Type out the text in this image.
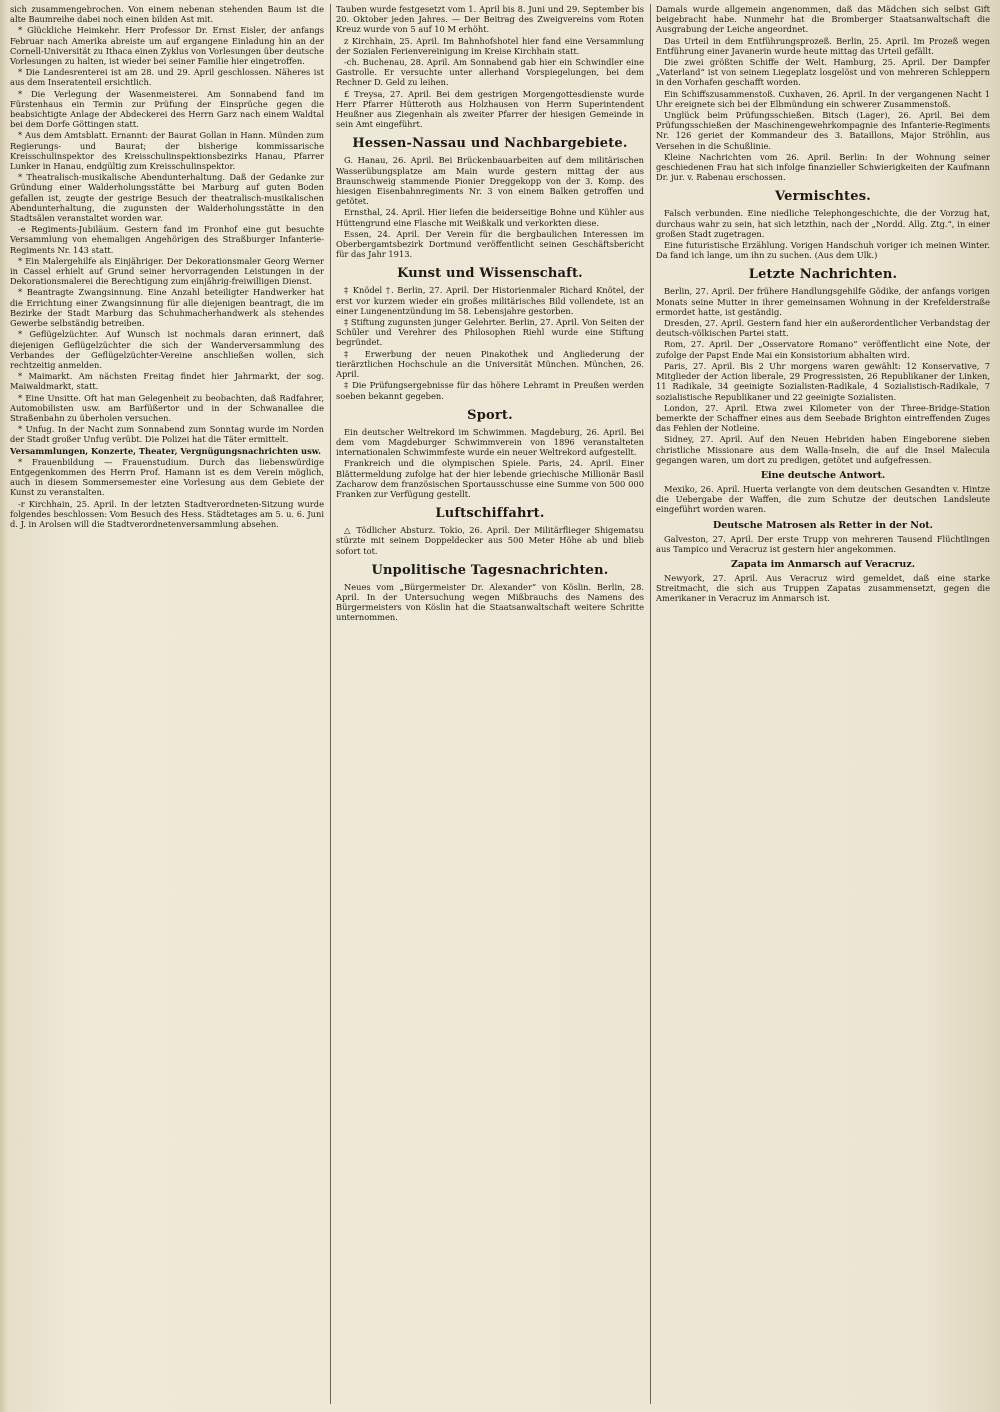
sich zusammengebrochen. Von einem nebenan stehenden Baum ist die alte Baumreihe dabei noch einen bilden Ast mit.

* Glückliche Heimkehr. Herr Professor Dr. Ernst Eisler, der anfangs Februar nach Amerika abreiste um auf ergangene Einladung hin an der Cornell-Universität zu Ithaca einen Zyklus von Vorlesungen über deutsche Vorlesungen zu halten, ist wieder bei seiner Familie hier eingetroffen.

* Die Landesrenterei ist am 28. und 29. April geschlossen. Näheres ist aus dem Inseratenteil ersichtlich.

* Die Verlegung der Wasenmeisterei. Am Sonnabend fand im Fürstenhaus ein Termin zur Prüfung der Einsprüche gegen die beabsichtigte Anlage der Abdeckerei des Herrn Garz nach einem Waldtal bei dem Dorfe Göttingen statt.

* Aus dem Amtsblatt. Ernannt: der Baurat Gollan in Hann. Münden zum Regierungs- und Baurat; der bisherige kommissarische Kreisschulinspektor des Kreisschulinspektionsbezirks Hanau, Pfarrer Lunker in Hanau, endgültig zum Kreisschulinspektor.

* Theatralisch-musikalische Abendunterhaltung. Daß der Gedanke zur Gründung einer Walderholungsstätte bei Marburg auf guten Boden gefallen ist, zeugte der gestrige Besuch der theatralisch-musikalischen Abendunterhaltung, die zugunsten der Walderholungsstätte in den Stadtsälen veranstaltet worden war.

-e Regiments-Jubiläum. Gestern fand im Fronhof eine gut besuchte Versammlung von ehemaligen Angehörigen des Straßburger Infanterie-Regiments Nr. 143 statt.

* Ein Malergehilfe als Einjähriger. Der Dekorationsmaler Georg Werner in Cassel erhielt auf Grund seiner hervorragenden Leistungen in der Dekorationsmalerei die Berechtigung zum einjährig-freiwilligen Dienst.

* Beantragte Zwangsinnung. Eine Anzahl beteiligter Handwerker hat die Errichtung einer Zwangsinnung für alle diejenigen beantragt, die im Bezirke der Stadt Marburg das Schuhmacherhandwerk als stehendes Gewerbe selbständig betreiben.

* Geflügelzüchter. Auf Wunsch ist nochmals daran erinnert, daß diejenigen Geflügelzüchter die sich der Wanderversammlung des Verbandes der Geflügelzüchter-Vereine anschließen wollen, sich rechtzeitig anmelden.

* Maimarkt. Am nächsten Freitag findet hier Jahrmarkt, der sog. Maiwaldmarkt, statt.

* Eine Unsitte. Oft hat man Gelegenheit zu beobachten, daß Radfahrer, Automobilisten usw. am Barfüßertor und in der Schwanallee die Straßenbahn zu überholen versuchen.

* Unfug. In der Nacht zum Sonnabend zum Sonntag wurde im Norden der Stadt großer Unfug verübt. Die Polizei hat die Täter ermittelt.

Versammlungen, Konzerte, Theater, Vergnügungsnachrichten usw.

* Frauenbildung — Frauenstudium. Durch das liebenswürdige Entgegenkommen des Herrn Prof. Hamann ist es dem Verein möglich, auch in diesem Sommersemester eine Vorlesung aus dem Gebiete der Kunst zu veranstalten.

-r Kirchhain, 25. April. In der letzten Stadtverordneten-Sitzung wurde folgendes beschlossen: Vom Besuch des Hess. Städtetages am 5. u. 6. Juni d. J. in Arolsen will die Stadtverordnetenversammlung absehen.

Tauben wurde festgesetzt vom 1. April bis 8. Juni und 29. September bis 20. Oktober jeden Jahres. — Der Beitrag des Zweigvereins vom Roten Kreuz wurde von 5 auf 10 M erhöht.

z Kirchhain, 25. April. Im Bahnhofshotel hier fand eine Versammlung der Sozialen Ferienvereinigung im Kreise Kirchhain statt.

-ch. Buchenau, 28. April. Am Sonnabend gab hier ein Schwindler eine Gastrolle. Er versuchte unter allerhand Vorspiegelungen, bei dem Rechner D. Geld zu leihen.

£ Treysa, 27. April. Bei dem gestrigen Morgengottesdienste wurde Herr Pfarrer Hütteroth aus Holzhausen von Herrn Superintendent Heußner aus Ziegenhain als zweiter Pfarrer der hiesigen Gemeinde in sein Amt eingeführt.

Hessen-Nassau und Nachbargebiete.

G. Hanau, 26. April. Bei Brückenbauarbeiten auf dem militärischen Wasserübungsplatze am Main wurde gestern mittag der aus Braunschweig stammende Pionier Dreggekopp von der 3. Komp. des hiesigen Eisenbahnregiments Nr. 3 von einem Balken getroffen und getötet.

Ernsthal, 24. April. Hier liefen die beiderseitige Bohne und Kühler aus Hüttengrund eine Flasche mit Weißkalk und verkorkten diese.

Essen, 24. April. Der Verein für die bergbaulichen Interessen im Oberbergamtsbezirk Dortmund veröffentlicht seinen Geschäftsbericht für das Jahr 1913.

Kunst und Wissenschaft.

‡ Knödel †. Berlin, 27. April. Der Historienmaler Richard Knötel, der erst vor kurzem wieder ein großes militärisches Bild vollendete, ist an einer Lungenentzündung im 58. Lebensjahre gestorben.

‡ Stiftung zugunsten junger Gelehrter. Berlin, 27. April. Von Seiten der Schüler und Verehrer des Philosophen Riehl wurde eine Stiftung begründet.

‡ Erwerbung der neuen Pinakothek und Angliederung der tierärztlichen Hochschule an die Universität München. München, 26. April.

‡ Die Prüfungsergebnisse für das höhere Lehramt in Preußen werden soeben bekannt gegeben.

Sport.

Ein deutscher Weltrekord im Schwimmen. Magdeburg, 26. April. Bei dem vom Magdeburger Schwimmverein von 1896 veranstalteten internationalen Schwimmfeste wurde ein neuer Weltrekord aufgestellt.

Frankreich und die olympischen Spiele. Paris, 24. April. Einer Blättermeldung zufolge hat der hier lebende griechische Millionär Basil Zacharow dem französischen Sportausschusse eine Summe von 500 000 Franken zur Verfügung gestellt.

Luftschiffahrt.

△ Tödlicher Absturz. Tokio, 26. April. Der Militärflieger Shigematsu stürzte mit seinem Doppeldecker aus 500 Meter Höhe ab und blieb sofort tot.

Unpolitische Tagesnachrichten.

Neues vom „Bürgermeister Dr. Alexander“ von Köslin. Berlin, 28. April. In der Untersuchung wegen Mißbrauchs des Namens des Bürgermeisters von Köslin hat die Staatsanwaltschaft weitere Schritte unternommen.

Damals wurde allgemein angenommen, daß das Mädchen sich selbst Gift beigebracht habe. Nunmehr hat die Bromberger Staatsanwaltschaft die Ausgrabung der Leiche angeordnet.

Das Urteil in dem Entführungsprozeß. Berlin, 25. April. Im Prozeß wegen Entführung einer Javanerin wurde heute mittag das Urteil gefällt.

Die zwei größten Schiffe der Welt. Hamburg, 25. April. Der Dampfer „Vaterland“ ist von seinem Liegeplatz losgelöst und von mehreren Schleppern in den Vorhafen geschafft worden.

Ein Schiffszusammenstoß. Cuxhaven, 26. April. In der vergangenen Nacht 1 Uhr ereignete sich bei der Elbmündung ein schwerer Zusammenstoß.

Unglück beim Prüfungsschießen. Bitsch (Lager), 26. April. Bei dem Prüfungsschießen der Maschinengewehrkompagnie des Infanterie-Regiments Nr. 126 geriet der Kommandeur des 3. Bataillons, Major Ströhlin, aus Versehen in die Schußlinie.

Kleine Nachrichten vom 26. April. Berlin: In der Wohnung seiner geschiedenen Frau hat sich infolge finanzieller Schwierigkeiten der Kaufmann Dr. jur. v. Rabenau erschossen.

Vermischtes.

Falsch verbunden. Eine niedliche Telephongeschichte, die der Vorzug hat, durchaus wahr zu sein, hat sich letzthin, nach der „Nordd. Allg. Ztg.“, in einer großen Stadt zugetragen.

Eine futuristische Erzählung. Vorigen Handschuh voriger ich meinen Winter. Da fand ich lange, um ihn zu suchen. (Aus dem Ulk.)

Letzte Nachrichten.

Berlin, 27. April. Der frühere Handlungsgehilfe Gödike, der anfangs vorigen Monats seine Mutter in ihrer gemeinsamen Wohnung in der Krefelderstraße ermordet hatte, ist geständig.

Dresden, 27. April. Gestern fand hier ein außerordentlicher Verbandstag der deutsch-völkischen Partei statt.

Rom, 27. April. Der „Osservatore Romano“ veröffentlicht eine Note, der zufolge der Papst Ende Mai ein Konsistorium abhalten wird.

Paris, 27. April. Bis 2 Uhr morgens waren gewählt: 12 Konservative, 7 Mitglieder der Action liberale, 29 Progressisten, 26 Republikaner der Linken, 11 Radikale, 34 geeinigte Sozialisten-Radikale, 4 Sozialistisch-Radikale, 7 sozialistische Republikaner und 22 geeinigte Sozialisten.

London, 27. April. Etwa zwei Kilometer von der Three-Bridge-Station bemerkte der Schaffner eines aus dem Seebade Brighton eintreffenden Zuges das Fehlen der Notleine.

Sidney, 27. April. Auf den Neuen Hebriden haben Eingeborene sieben christliche Missionare aus dem Walla-Inseln, die auf die Insel Malecula gegangen waren, um dort zu predigen, getötet und aufgefressen.

Eine deutsche Antwort.

Mexiko, 26. April. Huerta verlangte von dem deutschen Gesandten v. Hintze die Uebergabe der Waffen, die zum Schutze der deutschen Landsleute eingeführt worden waren.

Deutsche Matrosen als Retter in der Not.

Galveston, 27. April. Der erste Trupp von mehreren Tausend Flüchtlingen aus Tampico und Veracruz ist gestern hier angekommen.

Zapata im Anmarsch auf Veracruz.

Newyork, 27. April. Aus Veracruz wird gemeldet, daß eine starke Streitmacht, die sich aus Truppen Zapatas zusammensetzt, gegen die Amerikaner in Veracruz im Anmarsch ist.
